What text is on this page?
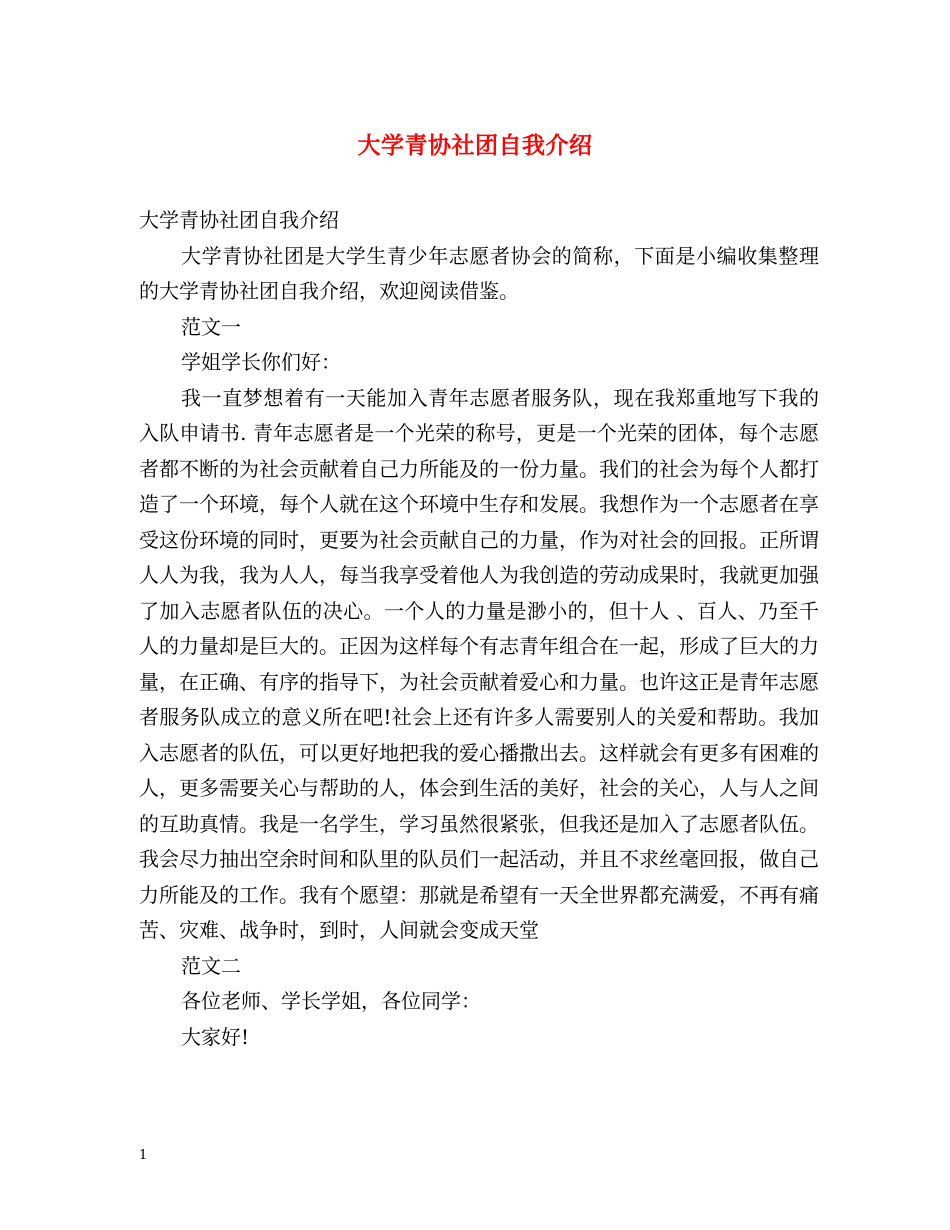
大学青协社团自我介绍

大学青协社团自我介绍

大学青协社团是大学生青少年志愿者协会的简称，下面是小编收集整理的大学青协社团自我介绍，欢迎阅读借鉴。

范文一

学姐学长你们好：

我一直梦想着有一天能加入青年志愿者服务队，现在我郑重地写下我的入队申请书. 青年志愿者是一个光荣的称号，更是一个光荣的团体，每个志愿者都不断的为社会贡献着自己力所能及的一份力量。我们的社会为每个人都打造了一个环境，每个人就在这个环境中生存和发展。我想作为一个志愿者在享受这份环境的同时，更要为社会贡献自己的力量，作为对社会的回报。正所谓人人为我，我为人人，每当我享受着他人为我创造的劳动成果时，我就更加强了加入志愿者队伍的决心。一个人的力量是渺小的，但十人 、百人、乃至千人的力量却是巨大的。正因为这样每个有志青年组合在一起，形成了巨大的力量，在正确、有序的指导下，为社会贡献着爱心和力量。也许这正是青年志愿者服务队成立的意义所在吧!社会上还有许多人需要别人的关爱和帮助。我加入志愿者的队伍，可以更好地把我的爱心播撒出去。这样就会有更多有困难的人，更多需要关心与帮助的人，体会到生活的美好，社会的关心，人与人之间的互助真情。我是一名学生，学习虽然很紧张，但我还是加入了志愿者队伍。我会尽力抽出空余时间和队里的队员们一起活动，并且不求丝毫回报，做自己力所能及的工作。我有个愿望：那就是希望有一天全世界都充满爱，不再有痛苦、灾难、战争时，到时，人间就会变成天堂

范文二

各位老师、学长学姐，各位同学：

大家好!

1
